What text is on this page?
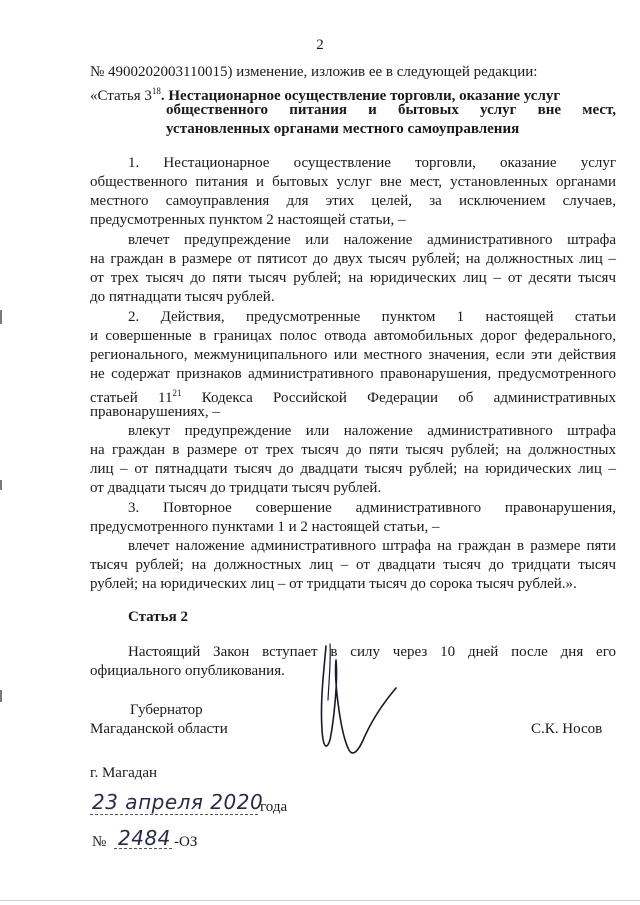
2
№ 4900202003110015) изменение, изложив ее в следующей редакции:
«Статья $3^{18}$. Нестационарное осуществление торговли, оказание услуг
общественного питания и бытовых услуг вне мест,
установленных органами местного самоуправления
1. Нестационарное осуществление торговли, оказание услуг
общественного питания и бытовых услуг вне мест, установленных органами
местного самоуправления для этих целей, за исключением случаев,
предусмотренных пунктом 2 настоящей статьи, –
влечет предупреждение или наложение административного штрафа
на граждан в размере от пятисот до двух тысяч рублей; на должностных лиц –
от трех тысяч до пяти тысяч рублей; на юридических лиц – от десяти тысяч
до пятнадцати тысяч рублей.
2. Действия, предусмотренные пунктом 1 настоящей статьи
и совершенные в границах полос отвода автомобильных дорог федерального,
регионального, межмуниципального или местного значения, если эти действия
не содержат признаков административного правонарушения, предусмотренного
статьей $11^{21}$ Кодекса Российской Федерации об административных
правонарушениях, –
влекут предупреждение или наложение административного штрафа
на граждан в размере от трех тысяч до пяти тысяч рублей; на должностных
лиц – от пятнадцати тысяч до двадцати тысяч рублей; на юридических лиц –
от двадцати тысяч до тридцати тысяч рублей.
3. Повторное совершение административного правонарушения,
предусмотренного пунктами 1 и 2 настоящей статьи, –
влечет наложение административного штрафа на граждан в размере пяти
тысяч рублей; на должностных лиц – от двадцати тысяч до тридцати тысяч
рублей; на юридических лиц – от тридцати тысяч до сорока тысяч рублей.».
Статья 2
Настоящий Закон вступает в силу через 10 дней после дня его
официального опубликования.
Губернатор
Магаданской области	С.К. Носов
г. Магадан
23 апреля 2020
года
№ 2484 -ОЗ
